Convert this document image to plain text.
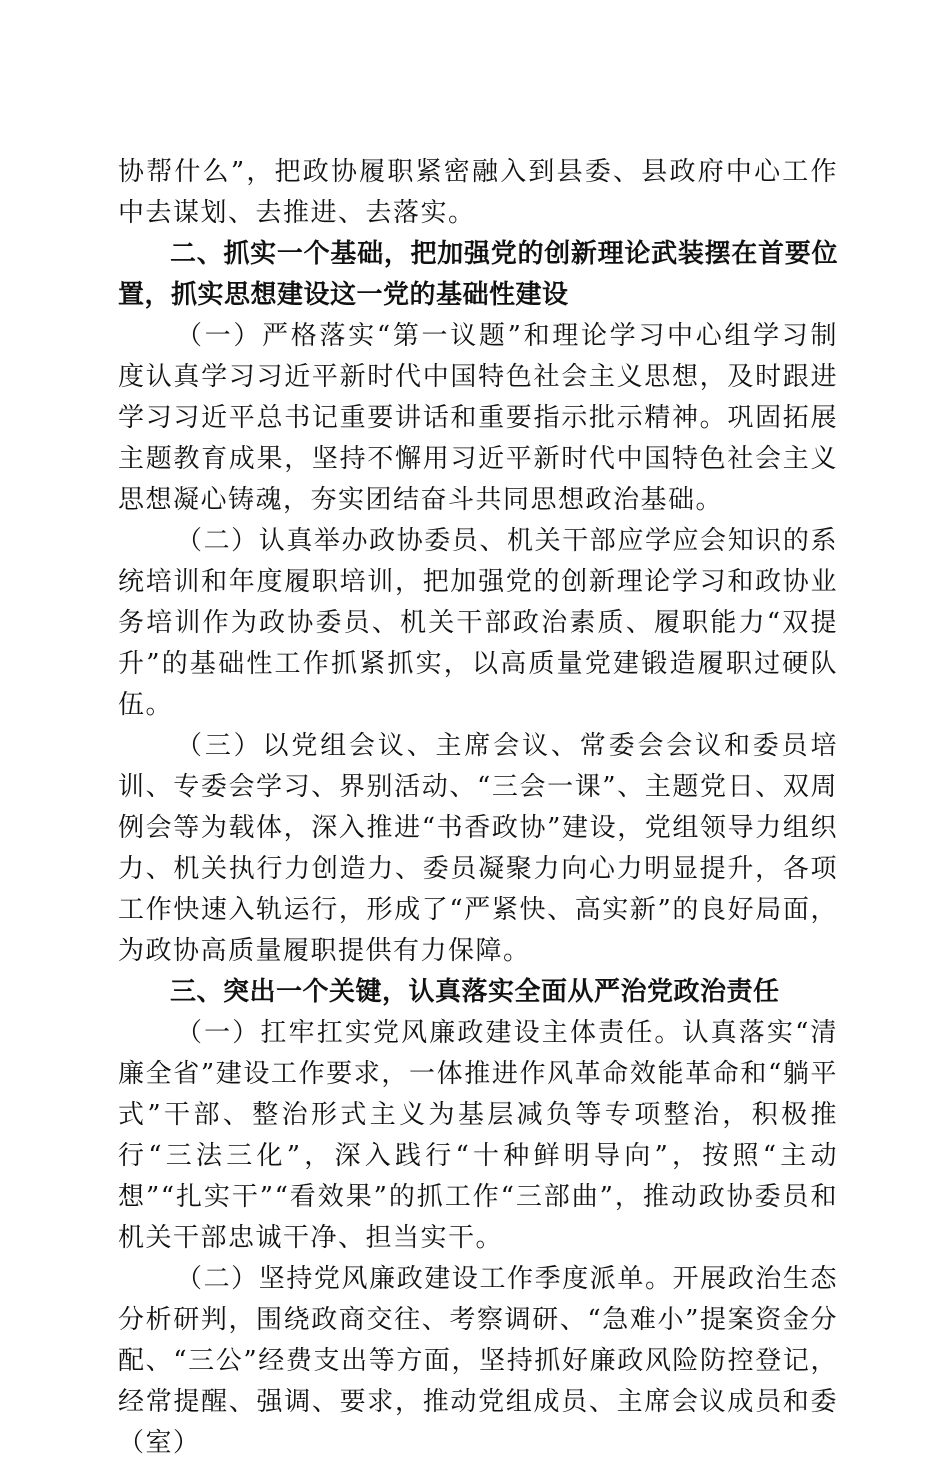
协帮什么”，把政协履职紧密融入到县委、县政府中心工作中去谋划、去推进、去落实。

二、抓实一个基础，把加强党的创新理论武装摆在首要位置，抓实思想建设这一党的基础性建设

（一）严格落实“第一议题”和理论学习中心组学习制度认真学习习近平新时代中国特色社会主义思想，及时跟进学习习近平总书记重要讲话和重要指示批示精神。巩固拓展主题教育成果，坚持不懈用习近平新时代中国特色社会主义思想凝心铸魂，夯实团结奋斗共同思想政治基础。

（二）认真举办政协委员、机关干部应学应会知识的系统培训和年度履职培训，把加强党的创新理论学习和政协业务培训作为政协委员、机关干部政治素质、履职能力“双提升”的基础性工作抓紧抓实，以高质量党建锻造履职过硬队伍。

（三）以党组会议、主席会议、常委会会议和委员培训、专委会学习、界别活动、“三会一课”、主题党日、双周例会等为载体，深入推进“书香政协”建设，党组领导力组织力、机关执行力创造力、委员凝聚力向心力明显提升，各项工作快速入轨运行，形成了“严紧快、高实新”的良好局面，为政协高质量履职提供有力保障。

三、突出一个关键，认真落实全面从严治党政治责任

（一）扛牢扛实党风廉政建设主体责任。认真落实“清廉全省”建设工作要求，一体推进作风革命效能革命和“躺平式”干部、整治形式主义为基层减负等专项整治，积极推行“三法三化”，深入践行“十种鲜明导向”，按照“主动想”“扎实干”“看效果”的抓工作“三部曲”，推动政协委员和机关干部忠诚干净、担当实干。

（二）坚持党风廉政建设工作季度派单。开展政治生态分析研判，围绕政商交往、考察调研、“急难小”提案资金分配、“三公”经费支出等方面，坚持抓好廉政风险防控登记，经常提醒、强调、要求，推动党组成员、主席会议成员和委（室）
